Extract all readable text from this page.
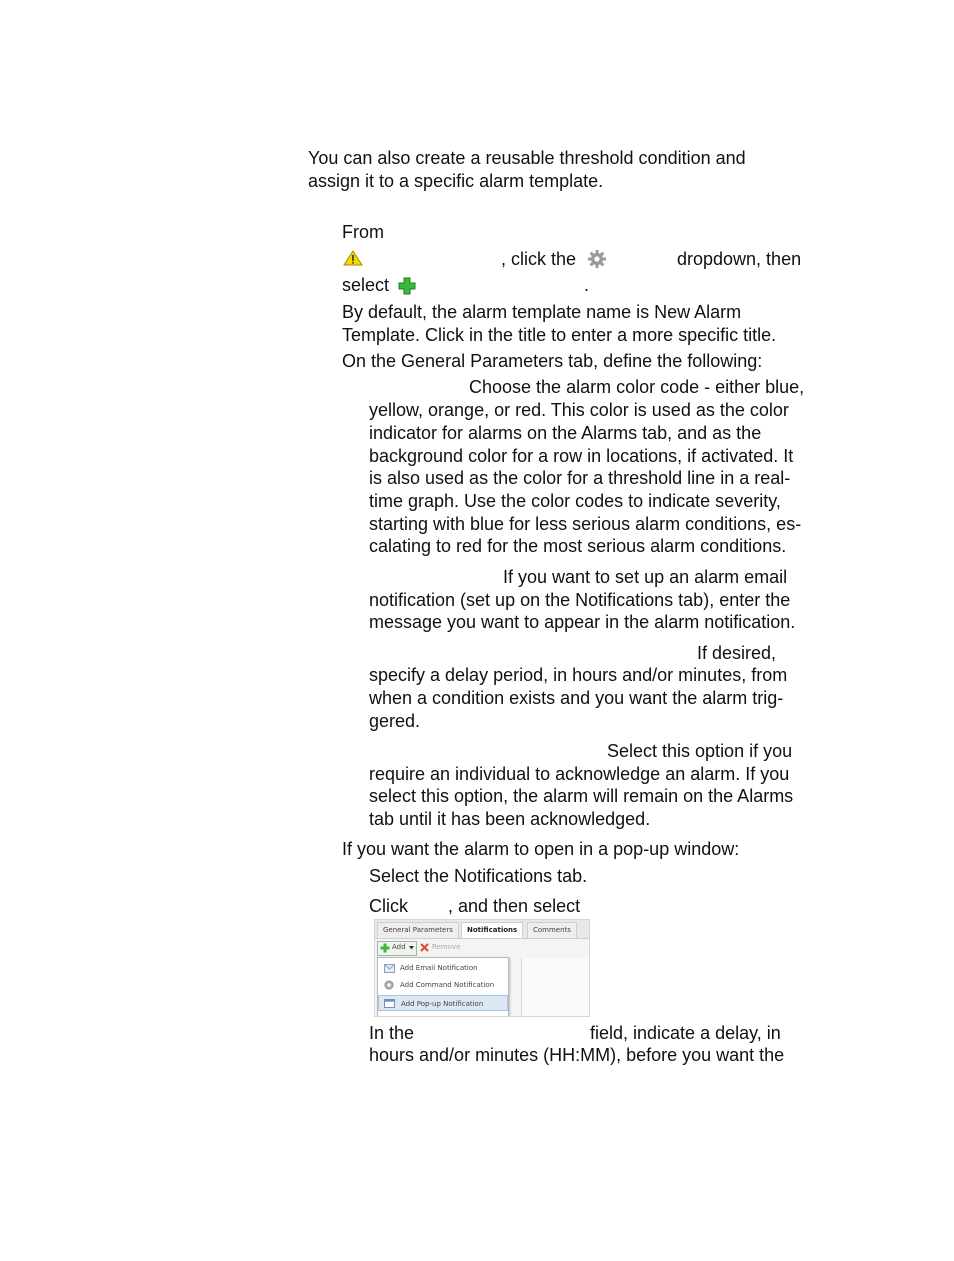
You can also create a reusable threshold condition and
assign it to a specific alarm template.
From
, click the	dropdown, then
select	.
By default, the alarm template name is New Alarm
Template. Click in the title to enter a more specific title.
On the General Parameters tab, define the following:
Choose the alarm color code - either blue,
yellow, orange, or red. This color is used as the color
indicator for alarms on the Alarms tab, and as the
background color for a row in locations, if activated. It
is also used as the color for a threshold line in a real-
time graph. Use the color codes to indicate severity,
starting with blue for less serious alarm conditions, es-
calating to red for the most serious alarm conditions.
If you want to set up an alarm email
notification (set up on the Notifications tab), enter the
message you want to appear in the alarm notification.
If desired,
specify a delay period, in hours and/or minutes, from
when a condition exists and you want the alarm trig-
gered.
Select this option if you
require an individual to acknowledge an alarm. If you
select this option, the alarm will remain on the Alarms
tab until it has been acknowledged.
If you want the alarm to open in a pop-up window:
Select the Notifications tab.
Click , and then select
General Parameters	Notifications	Comments
Add	Remove
Add Email Notification
Add Command Notification
Add Pop-up Notification
In the	field, indicate a delay, in
hours and/or minutes (HH:MM), before you want the
